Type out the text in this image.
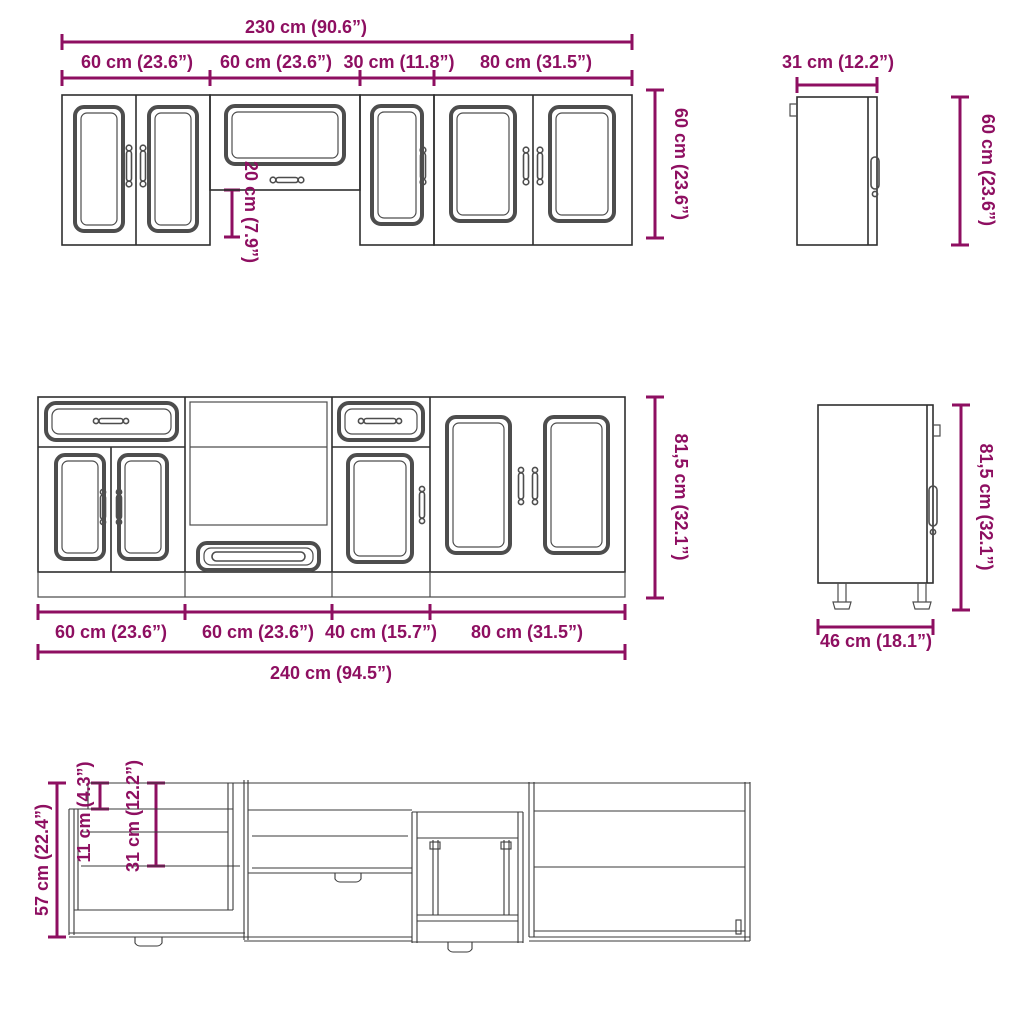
230 cm (90.6”)
60 cm (23.6”)	60 cm (23.6”) 30 cm (11.8”)	80 cm (31.5”)
60 cm (23.6”)
20 cm (7.9”)
31 cm (12.2”)
60 cm (23.6”)
60 cm (23.6”)	60 cm (23.6”) 40 cm (15.7”)	80 cm (31.5”)
240 cm (94.5”)
81,5 cm (32.1”)
46 cm (18.1”)
81,5 cm (32.1”)
57 cm (22.4”) 11 cm (4.3”) 31 cm (12.2”)
